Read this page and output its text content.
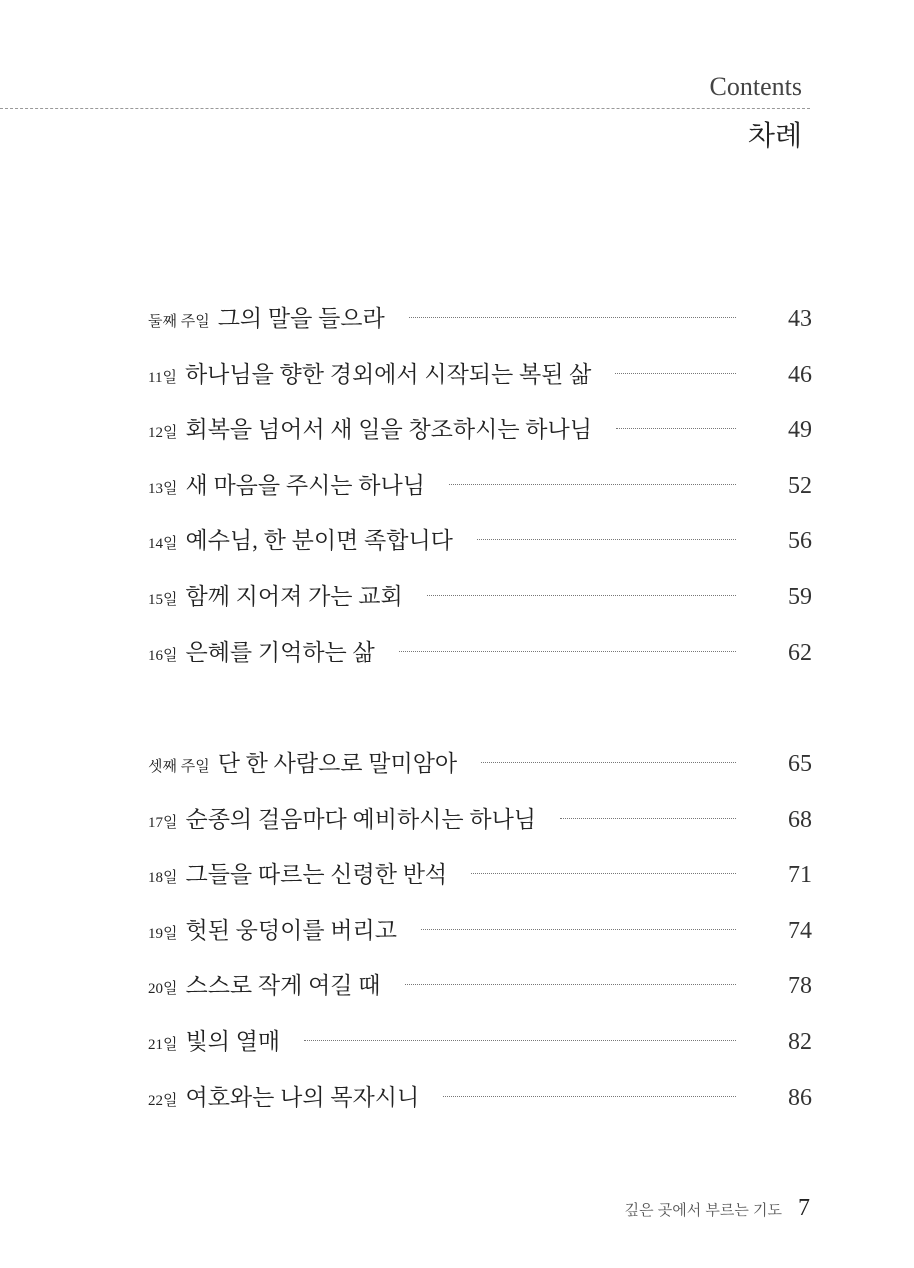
Contents
차례
둘째 주일 그의 말을 들으라	43
11일 하나님을 향한 경외에서 시작되는 복된 삶	46
12일 회복을 넘어서 새 일을 창조하시는 하나님	49
13일 새 마음을 주시는 하나님	52
14일 예수님, 한 분이면 족합니다	56
15일 함께 지어져 가는 교회	59
16일 은혜를 기억하는 삶	62
셋째 주일 단 한 사람으로 말미암아	65
17일 순종의 걸음마다 예비하시는 하나님	68
18일 그들을 따르는 신령한 반석	71
19일 헛된 웅덩이를 버리고	74
20일 스스로 작게 여길 때	78
21일 빛의 열매	82
22일 여호와는 나의 목자시니	86
깊은 곳에서 부르는 기도 7
